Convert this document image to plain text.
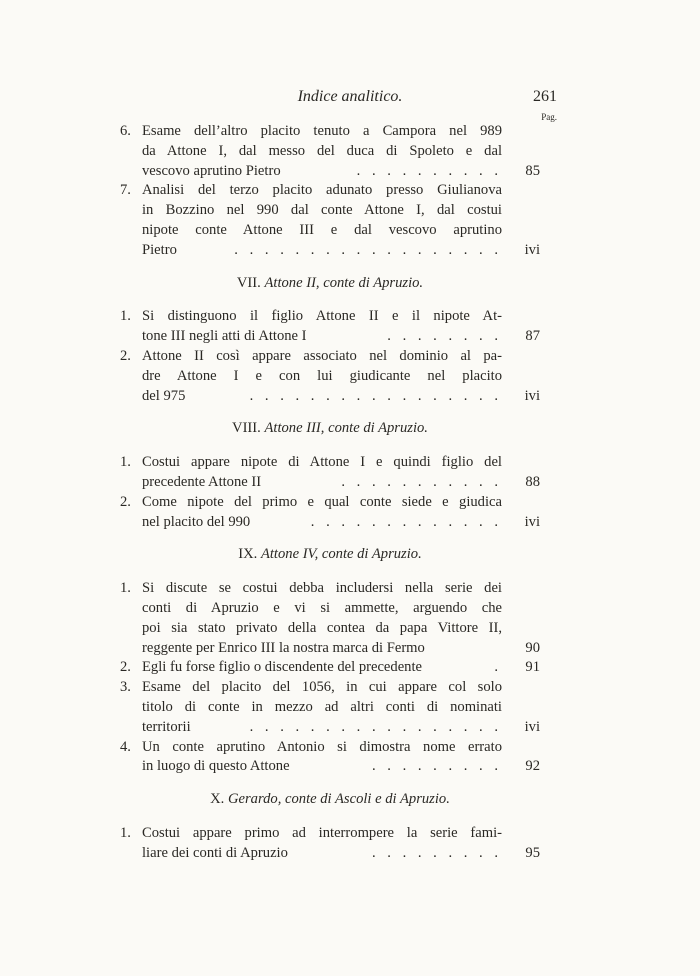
Indice analitico.	261
Pag.
6. Esame dell’altro placito tenuto a Campora nel 989
da Attone I, dal messo del duca di Spoleto e dal
vescovo aprutino Pietro	. . . . . . . . . .	85
7. Analisi del terzo placito adunato presso Giulianova
in Bozzino nel 990 dal conte Attone I, dal costui
nipote conte Attone III e dal vescovo aprutino
Pietro	. . . . . . . . . . . . . . . . . .	ivi
VII. Attone II, conte di Apruzio.
1. Si distinguono il figlio Attone II e il nipote At-
tone III negli atti di Attone I	. . . . . . . .	87
2. Attone II così appare associato nel dominio al pa-
dre Attone I e con lui giudicante nel placito
del 975	. . . . . . . . . . . . . . . . .	ivi
VIII. Attone III, conte di Apruzio.
1. Costui appare nipote di Attone I e quindi figlio del
precedente Attone II	. . . . . . . . . . .	88
2. Come nipote del primo e qual conte siede e giudica
nel placito del 990	. . . . . . . . . . . . .	ivi
IX. Attone IV, conte di Apruzio.
1. Si discute se costui debba includersi nella serie dei
conti di Apruzio e vi si ammette, arguendo che
poi sia stato privato della contea da papa Vittore II,
reggente per Enrico III la nostra marca di Fermo	90
2. Egli fu forse figlio o discendente del precedente	.	91
3. Esame del placito del 1056, in cui appare col solo
titolo di conte in mezzo ad altri conti di nominati
territorii	. . . . . . . . . . . . . . . . .	ivi
4. Un conte aprutino Antonio si dimostra nome errato
in luogo di questo Attone	. . . . . . . . .	92
X. Gerardo, conte di Ascoli e di Apruzio.
1. Costui appare primo ad interrompere la serie fami-
liare dei conti di Apruzio	. . . . . . . . .	95
